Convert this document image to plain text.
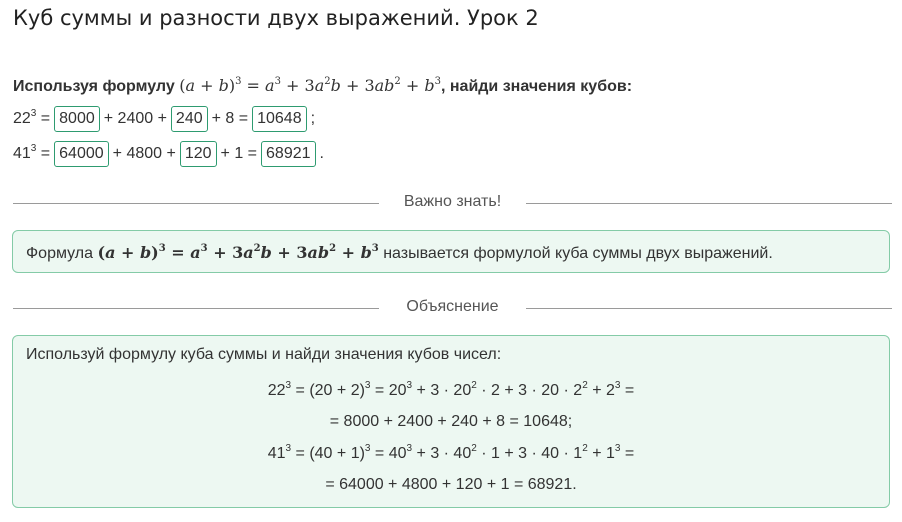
Куб суммы и разности двух выражений. Урок 2
Используя формулу $(a + b)^3 = a^3 + 3a^2b + 3ab^2 + b^3$, найди значения кубов:
$22^3 = 8000 + 2400 + 240 + 8 = 10648$ ;
$41^3 = 64000 + 4800 + 120 + 1 = 68921$ .
Важно знать!
Формула $(a + b)^3 = a^3 + 3a^2b + 3ab^2 + b^3$ называется формулой куба суммы двух выражений.
Объяснение
Используй формулу куба суммы и найди значения кубов чисел:
$22^3 = (20 + 2)^3 = 20^3 + 3 \cdot 20^2 \cdot 2 + 3 \cdot 20 \cdot 2^2 + 2^3$ =
= 8000 + 2400 + 240 + 8 = 10648;
$41^3 = (40 + 1)^3 = 40^3 + 3 \cdot 40^2 \cdot 1 + 3 \cdot 40 \cdot 1^2 + 1^3$ =
= 64000 + 4800 + 120 + 1 = 68921.
